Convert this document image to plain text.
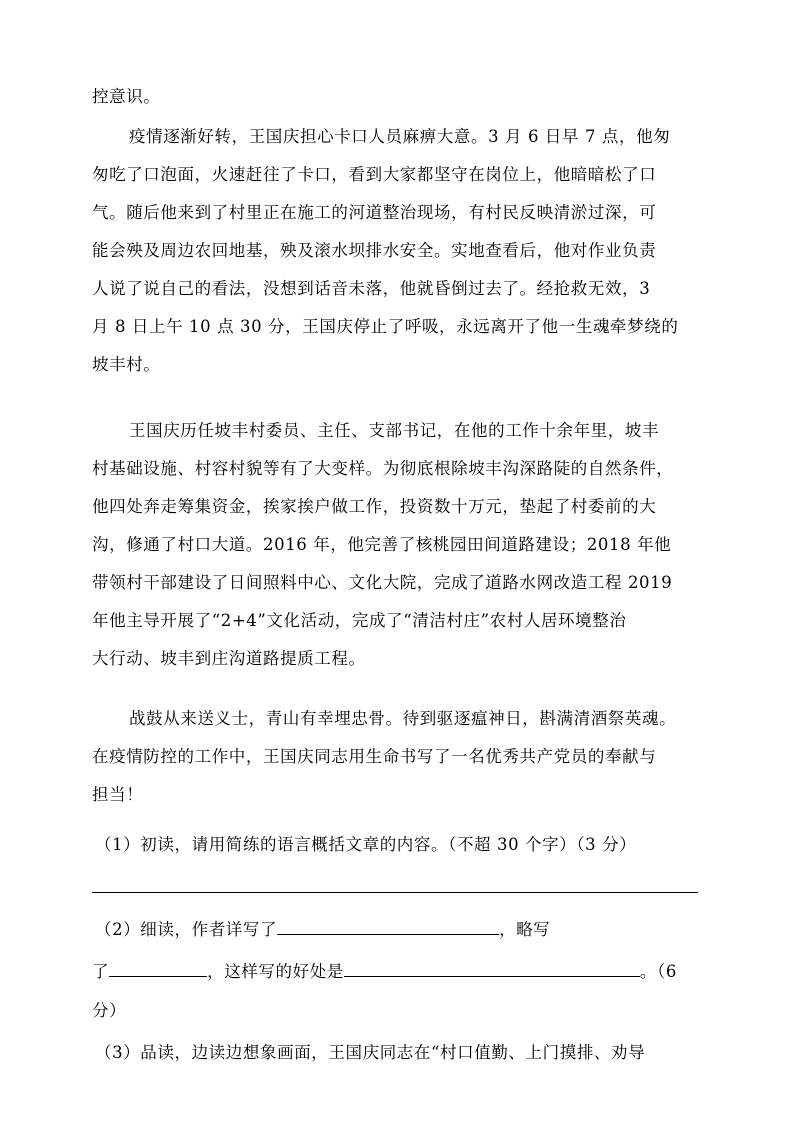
控意识。
疫情逐渐好转，王国庆担心卡口人员麻痹大意。3 月 6 日早 7 点，他匆
匆吃了口泡面，火速赶往了卡口，看到大家都坚守在岗位上，他暗暗松了口
气。随后他来到了村里正在施工的河道整治现场，有村民反映清淤过深，可
能会殃及周边农回地基，殃及滚水坝排水安全。实地查看后，他对作业负责
人说了说自己的看法，没想到话音未落，他就昏倒过去了。经抢救无效，3
月 8 日上午 10 点 30 分，王国庆停止了呼吸，永远离开了他一生魂牵梦绕的
坡丰村。
王国庆历任坡丰村委员、主任、支部书记，在他的工作十余年里，坡丰
村基础设施、村容村貌等有了大变样。为彻底根除坡丰沟深路陡的自然条件，
他四处奔走筹集资金，挨家挨户做工作，投资数十万元，垫起了村委前的大
沟，修通了村口大道。2016 年，他完善了核桃园田间道路建设；2018 年他
带领村干部建设了日间照料中心、文化大院，完成了道路水网改造工程 2019
年他主导开展了“2+4”文化活动，完成了“清洁村庄”农村人居环境整治
大行动、坡丰到庄沟道路提质工程。
战鼓从来送义士，青山有幸埋忠骨。待到驱逐瘟神日，斟满清酒祭英魂。
在疫情防控的工作中，王国庆同志用生命书写了一名优秀共产党员的奉献与
担当！
（1）初读，请用简练的语言概括文章的内容。（不超 30 个字）（3 分）
（2）细读，作者详写了	，略写
了	，这样写的好处是	。（6
分）
（3）品读，边读边想象画面，王国庆同志在“村口值勤、上门摸排、劝导
